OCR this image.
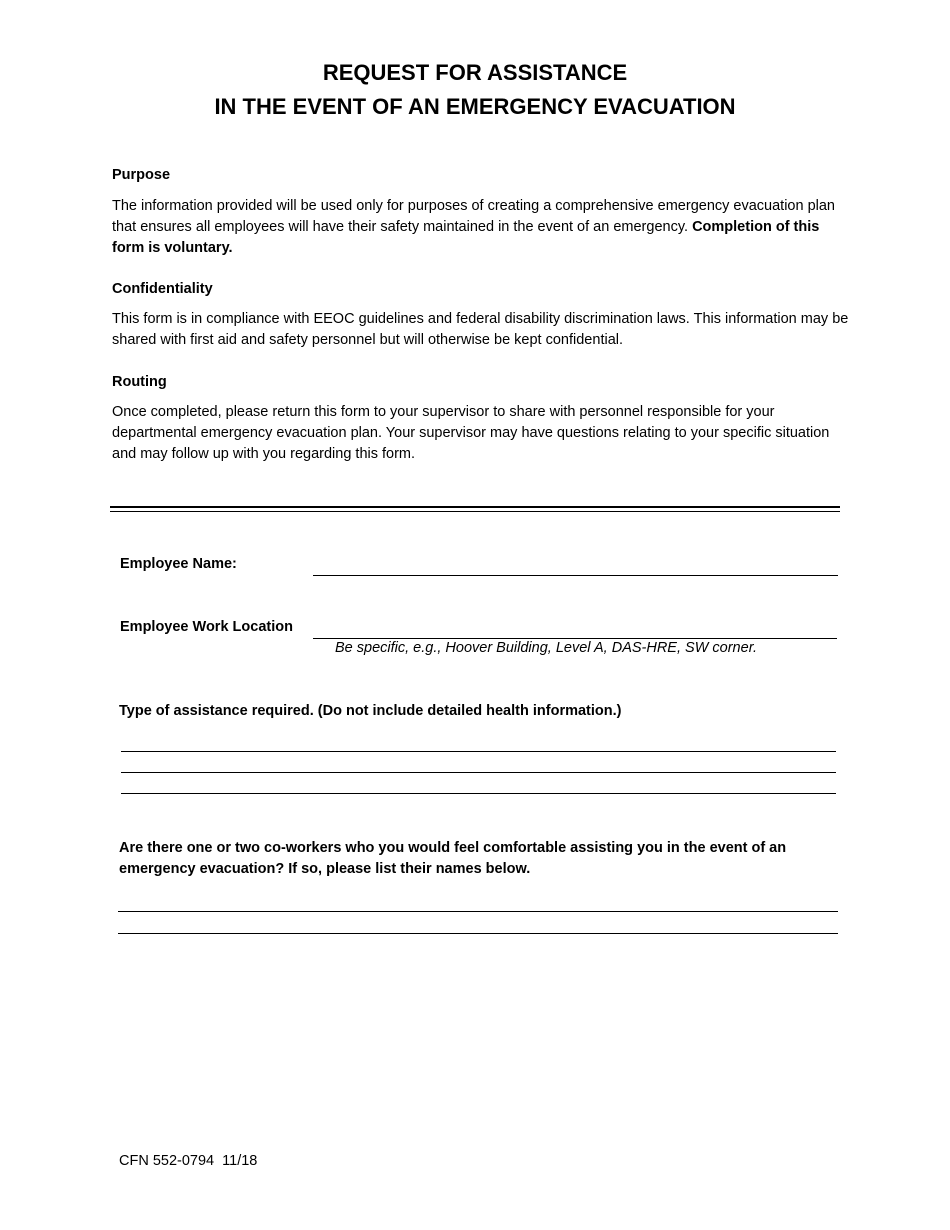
REQUEST FOR ASSISTANCE
IN THE EVENT OF AN EMERGENCY EVACUATION
Purpose
The information provided will be used only for purposes of creating a comprehensive emergency evacuation plan that ensures all employees will have their safety maintained in the event of an emergency. Completion of this form is voluntary.
Confidentiality
This form is in compliance with EEOC guidelines and federal disability discrimination laws. This information may be shared with first aid and safety personnel but will otherwise be kept confidential.
Routing
Once completed, please return this form to your supervisor to share with personnel responsible for your departmental emergency evacuation plan. Your supervisor may have questions relating to your specific situation and may follow up with you regarding this form.
Employee Name:
Employee Work Location
Be specific, e.g., Hoover Building, Level A, DAS-HRE, SW corner.
Type of assistance required. (Do not include detailed health information.)
Are there one or two co-workers who you would feel comfortable assisting you in the event of an emergency evacuation? If so, please list their names below.
CFN 552-0794  11/18
